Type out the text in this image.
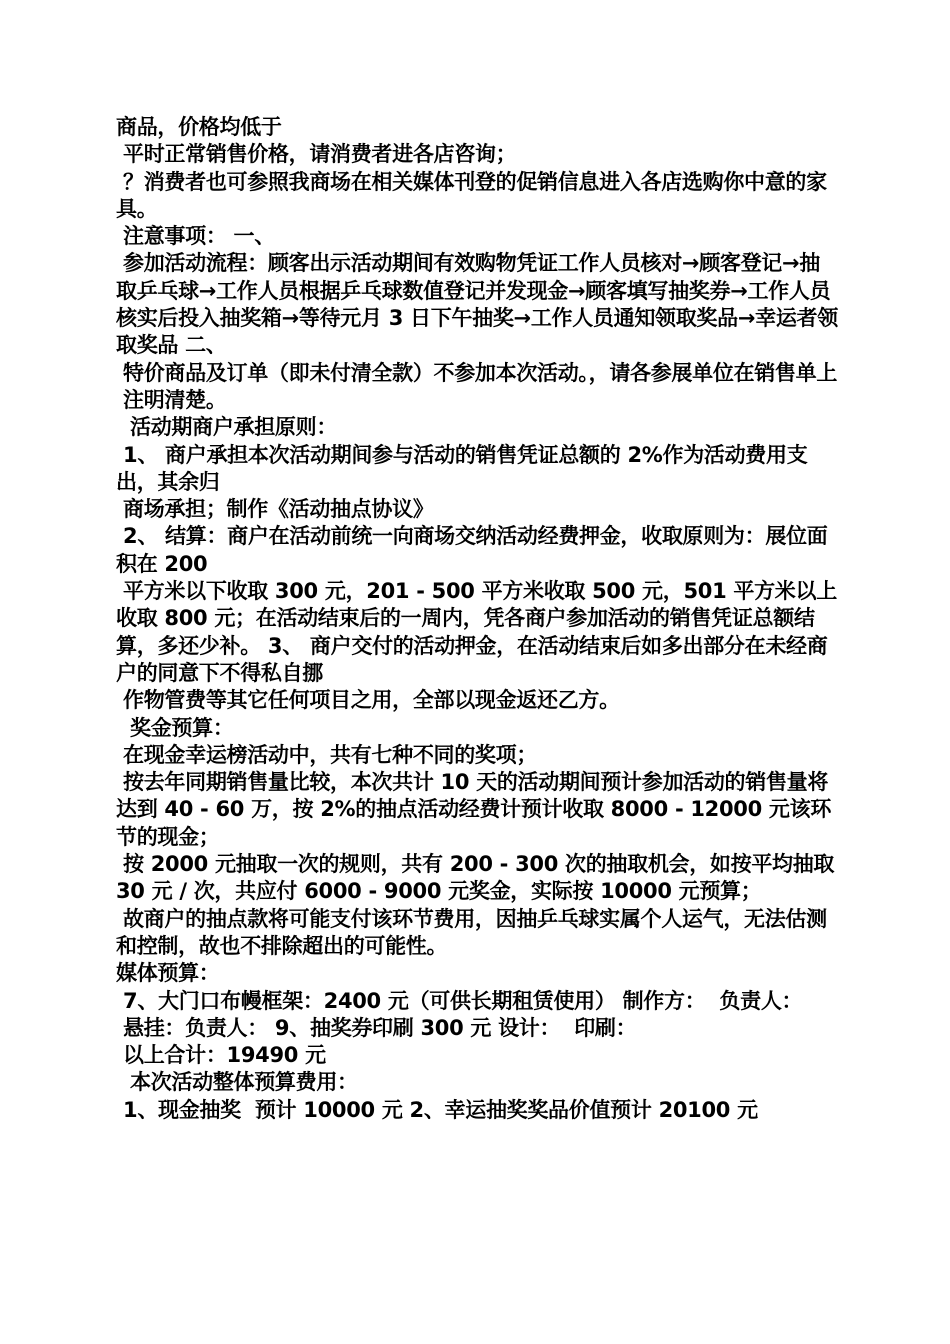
商品，价格均低于
平时正常销售价格，请消费者进各店咨询；
？消费者也可参照我商场在相关媒体刊登的促销信息进入各店选购你中意的家具。
注意事项： 一、
参加活动流程：顾客出示活动期间有效购物凭证工作人员核对→顾客登记→抽取乒乓球→工作人员根据乒乓球数值登记并发现金→顾客填写抽奖券→工作人员核实后投入抽奖箱→等待元月 3 日下午抽奖→工作人员通知领取奖品→幸运者领取奖品 二、
特价商品及订单（即未付清全款）不参加本次活动。，请各参展单位在销售单上
注明清楚。
活动期商户承担原则：
1、 商户承担本次活动期间参与活动的销售凭证总额的 2%作为活动费用支出，其余归
商场承担；制作《活动抽点协议》
2、 结算：商户在活动前统一向商场交纳活动经费押金，收取原则为：展位面积在 200
平方米以下收取 300 元，201 - 500 平方米收取 500 元，501 平方米以上收取 800 元；在活动结束后的一周内，凭各商户参加活动的销售凭证总额结算，多还少补。 3、 商户交付的活动押金，在活动结束后如多出部分在未经商户的同意下不得私自挪
作物管费等其它任何项目之用，全部以现金返还乙方。
奖金预算：
在现金幸运榜活动中，共有七种不同的奖项；
按去年同期销售量比较，本次共计 10 天的活动期间预计参加活动的销售量将达到 40 - 60 万，按 2%的抽点活动经费计预计收取 8000 - 12000 元该环节的现金；
按 2000 元抽取一次的规则，共有 200 - 300 次的抽取机会，如按平均抽取 30 元 / 次，共应付 6000 - 9000 元奖金，实际按 10000 元预算；
故商户的抽点款将可能支付该环节费用，因抽乒乓球实属个人运气，无法估测和控制，故也不排除超出的可能性。
媒体预算：
7、大门口布幔框架：2400 元（可供长期租赁使用） 制作方：  负责人：
悬挂：负责人： 9、抽奖券印刷 300 元 设计：  印刷：
以上合计：19490 元
本次活动整体预算费用：
1、现金抽奖  预计 10000 元 2、幸运抽奖奖品价值预计 20100 元
